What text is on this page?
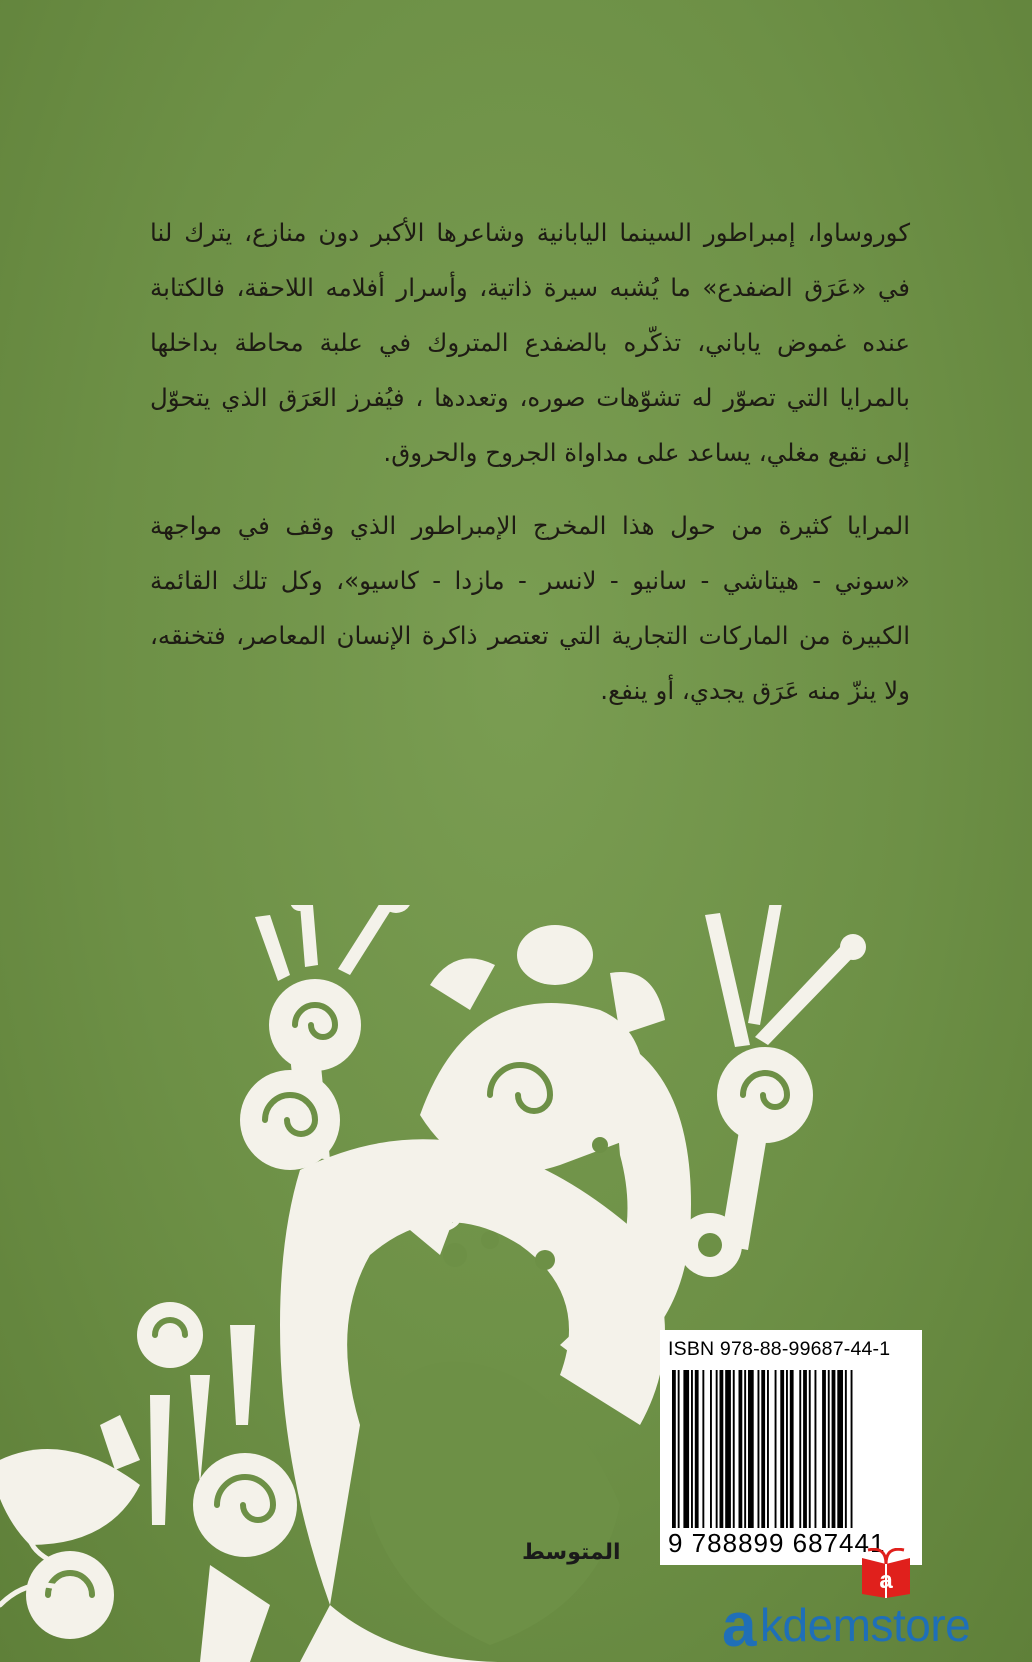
كوروساوا، إمبراطور السينما اليابانية وشاعرها الأكبر دون منازع، يترك لنا في «عَرَق الضفدع» ما يُشبه سيرة ذاتية، وأسرار أفلامه اللاحقة، فالكتابة عنده غموض ياباني، تذكّره بالضفدع المتروك في علبة محاطة بداخلها بالمرايا التي تصوّر له تشوّهات صوره، وتعددها ، فيُفرز العَرَق الذي يتحوّل إلى نقيع مغلي، يساعد على مداواة الجروح والحروق.

المرايا كثيرة من حول هذا المخرج الإمبراطور الذي وقف في مواجهة «سوني - هيتاشي - سانيو - لانسر - مازدا - كاسيو»، وكل تلك القائمة الكبيرة من الماركات التجارية التي تعتصر ذاكرة الإنسان المعاصر، فتخنقه، ولا ينزّ منه عَرَق يجدي، أو ينفع.

ISBN 978-88-99687-44-1
9 788899 687441
المتوسط
a
a kdemstore
